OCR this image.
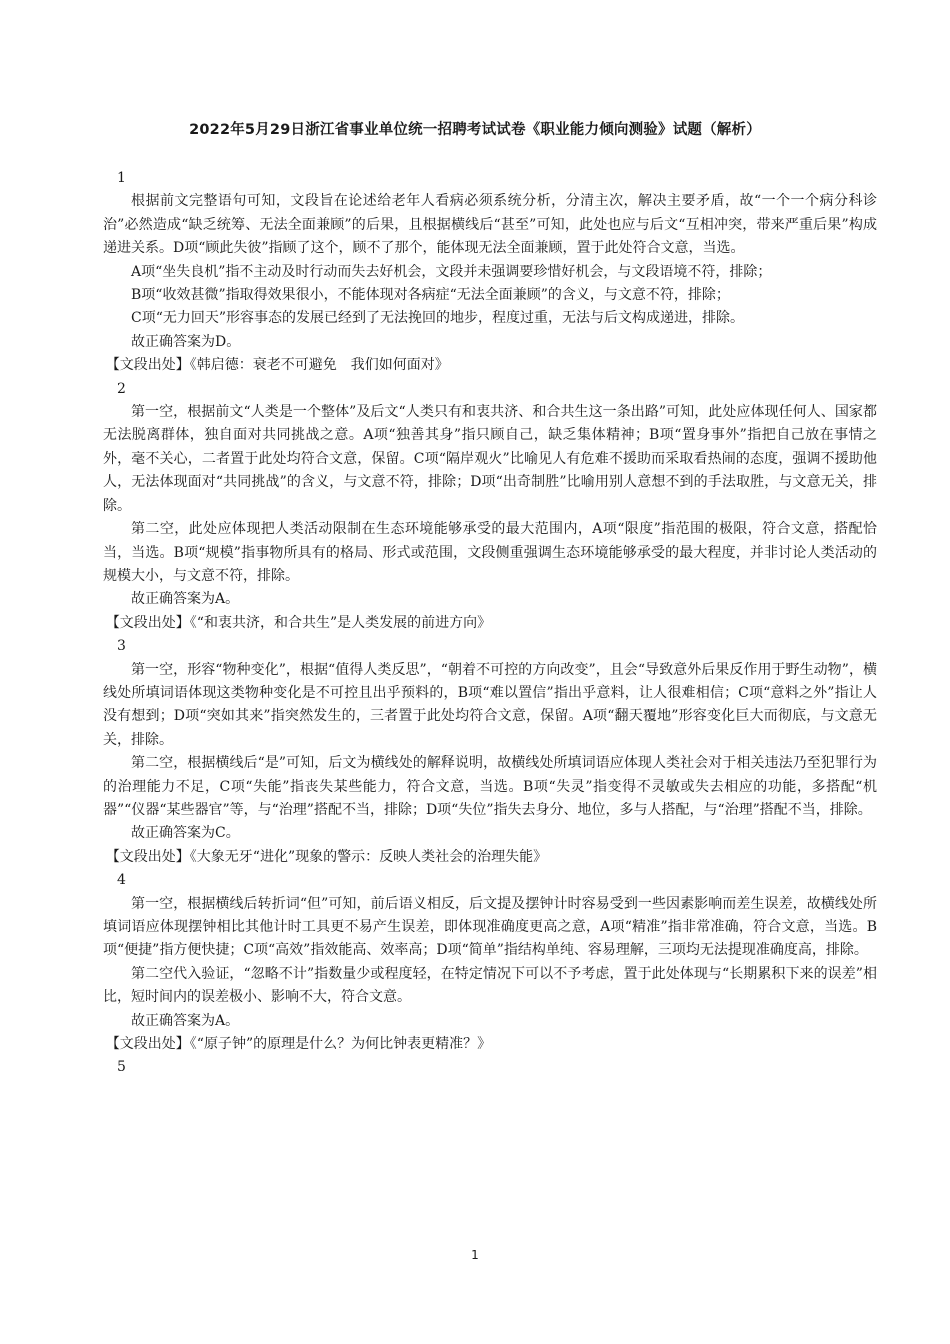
2022年5月29日浙江省事业单位统一招聘考试试卷《职业能力倾向测验》试题（解析）

1

根据前文完整语句可知，文段旨在论述给老年人看病必须系统分析，分清主次，解决主要矛盾，故“一个一个病分科诊治”必然造成“缺乏统筹、无法全面兼顾”的后果，且根据横线后“甚至”可知，此处也应与后文“互相冲突，带来严重后果”构成递进关系。D项“顾此失彼”指顾了这个，顾不了那个，能体现无法全面兼顾，置于此处符合文意，当选。

A项“坐失良机”指不主动及时行动而失去好机会，文段并未强调要珍惜好机会，与文段语境不符，排除；

B项“收效甚微”指取得效果很小，不能体现对各病症“无法全面兼顾”的含义，与文意不符，排除；

C项“无力回天”形容事态的发展已经到了无法挽回的地步，程度过重，无法与后文构成递进，排除。

故正确答案为D。

【文段出处】《韩启德：衰老不可避免　我们如何面对》

2

第一空，根据前文“人类是一个整体”及后文“人类只有和衷共济、和合共生这一条出路”可知，此处应体现任何人、国家都无法脱离群体，独自面对共同挑战之意。A项“独善其身”指只顾自己，缺乏集体精神；B项“置身事外”指把自己放在事情之外，毫不关心，二者置于此处均符合文意，保留。C项“隔岸观火”比喻见人有危难不援助而采取看热闹的态度，强调不援助他人，无法体现面对“共同挑战”的含义，与文意不符，排除；D项“出奇制胜”比喻用别人意想不到的手法取胜，与文意无关，排除。

第二空，此处应体现把人类活动限制在生态环境能够承受的最大范围内，A项“限度”指范围的极限，符合文意，搭配恰当，当选。B项“规模”指事物所具有的格局、形式或范围，文段侧重强调生态环境能够承受的最大程度，并非讨论人类活动的规模大小，与文意不符，排除。

故正确答案为A。

【文段出处】《“和衷共济，和合共生”是人类发展的前进方向》

3

第一空，形容“物种变化”，根据“值得人类反思”，“朝着不可控的方向改变”，且会“导致意外后果反作用于野生动物”，横线处所填词语体现这类物种变化是不可控且出乎预料的，B项“难以置信”指出乎意料，让人很难相信；C项“意料之外”指让人没有想到；D项“突如其来”指突然发生的，三者置于此处均符合文意，保留。A项“翻天覆地”形容变化巨大而彻底，与文意无关，排除。

第二空，根据横线后“是”可知，后文为横线处的解释说明，故横线处所填词语应体现人类社会对于相关违法乃至犯罪行为的治理能力不足，C项“失能”指丧失某些能力，符合文意，当选。B项“失灵”指变得不灵敏或失去相应的功能，多搭配“机器”“仪器“某些器官”等，与“治理”搭配不当，排除；D项“失位”指失去身分、地位，多与人搭配，与“治理”搭配不当，排除。

故正确答案为C。

【文段出处】《大象无牙“进化”现象的警示：反映人类社会的治理失能》

4

第一空，根据横线后转折词“但”可知，前后语义相反，后文提及摆钟计时容易受到一些因素影响而差生误差，故横线处所填词语应体现摆钟相比其他计时工具更不易产生误差，即体现准确度更高之意，A项“精准”指非常准确，符合文意，当选。B项“便捷”指方便快捷；C项“高效”指效能高、效率高；D项“简单”指结构单纯、容易理解，三项均无法提现准确度高，排除。

第二空代入验证，“忽略不计”指数量少或程度轻，在特定情况下可以不予考虑，置于此处体现与“长期累积下来的误差”相比，短时间内的误差极小、影响不大，符合文意。

故正确答案为A。

【文段出处】《“原子钟”的原理是什么？为何比钟表更精准？》

5

1
